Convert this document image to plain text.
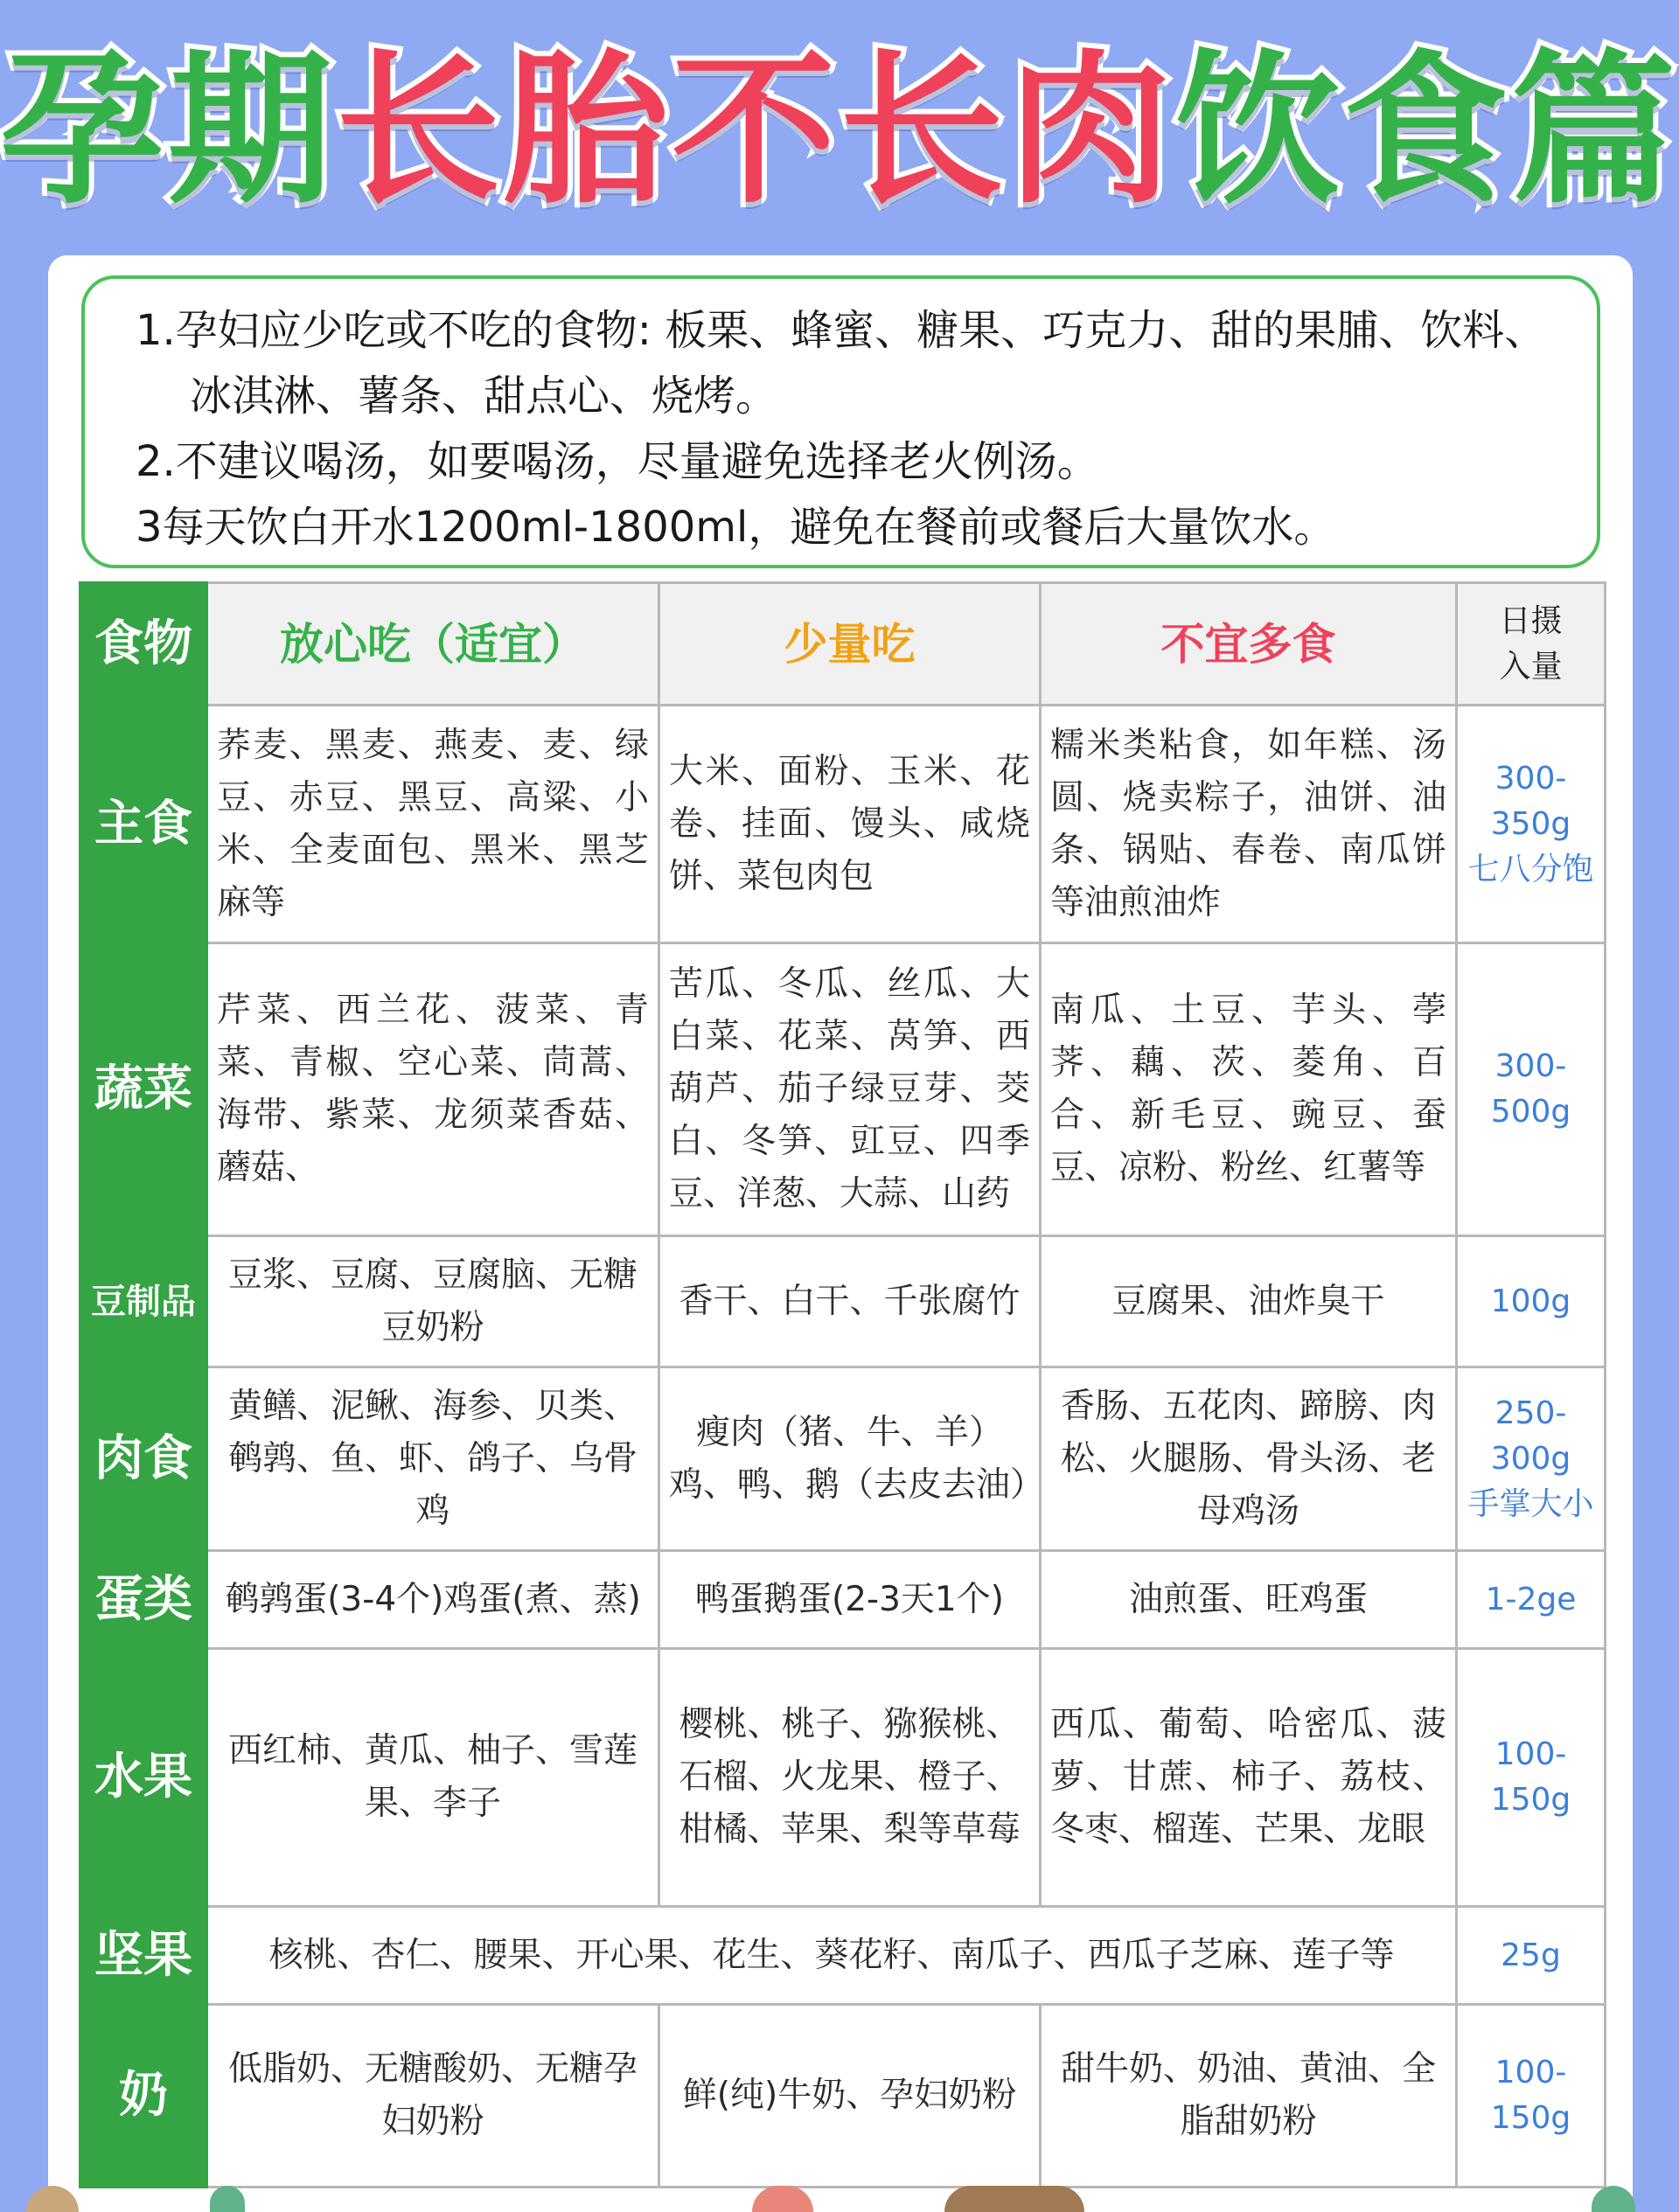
孕期长胎不长肉饮食篇

1.孕妇应少吃或不吃的食物: 板栗、蜂蜜、糖果、巧克力、甜的果脯、饮料、冰淇淋、薯条、甜点心、烧烤。

2.不建议喝汤，如要喝汤，尽量避免选择老火例汤。

3每天饮白开水1200ml-1800ml，避免在餐前或餐后大量饮水。

食物	放心吃（适宜）	少量吃	不宜多食	日摄
入量

主食	荞麦、黑麦、燕麦、麦、绿豆、赤豆、黑豆、高粱、小米、全麦面包、黑米、黑芝麻等	大米、面粉、玉米、花卷、挂面、馒头、咸烧饼、菜包肉包	糯米类粘食，如年糕、汤圆、烧卖粽子，油饼、油条、锅贴、春卷、南瓜饼等油煎油炸	300-350g
七八分饱

蔬菜	芹菜、西兰花、菠菜、青菜、青椒、空心菜、茼蒿、海带、紫菜、龙须菜香菇、蘑菇、	苦瓜、冬瓜、丝瓜、大白菜、花菜、莴笋、西葫芦、茄子绿豆芽、茭白、冬笋、豇豆、四季豆、洋葱、大蒜、山药	南瓜、土豆、芋头、荸荠、藕、茨、菱角、百合、新毛豆、豌豆、蚕豆、凉粉、粉丝、红薯等	300-500g
豆制品	豆浆、豆腐、豆腐脑、无糖豆奶粉	香干、白干、千张腐竹	豆腐果、油炸臭干	100g
肉食	黄鳝、泥鳅、海参、贝类、鹌鹑、鱼、虾、鸽子、乌骨鸡	瘦肉（猪、牛、羊）鸡、鸭、鹅（去皮去油）	香肠、五花肉、蹄膀、肉松、火腿肠、骨头汤、老母鸡汤	250-300g
手掌大小

蛋类	鹌鹑蛋(3-4个)鸡蛋(煮、蒸)	鸭蛋鹅蛋(2-3天1个)	油煎蛋、旺鸡蛋	1-2ge
水果	西红柿、黄瓜、柚子、雪莲果、李子	樱桃、桃子、猕猴桃、石榴、火龙果、橙子、柑橘、苹果、梨等草莓	西瓜、葡萄、哈密瓜、菠萝、甘蔗、柿子、荔枝、冬枣、榴莲、芒果、龙眼	100-150g
坚果	核桃、杏仁、腰果、开心果、花生、葵花籽、南瓜子、西瓜子芝麻、莲子等			25g
奶	低脂奶、无糖酸奶、无糖孕妇奶粉	鲜(纯)牛奶、孕妇奶粉	甜牛奶、奶油、黄油、全脂甜奶粉	100-150g
